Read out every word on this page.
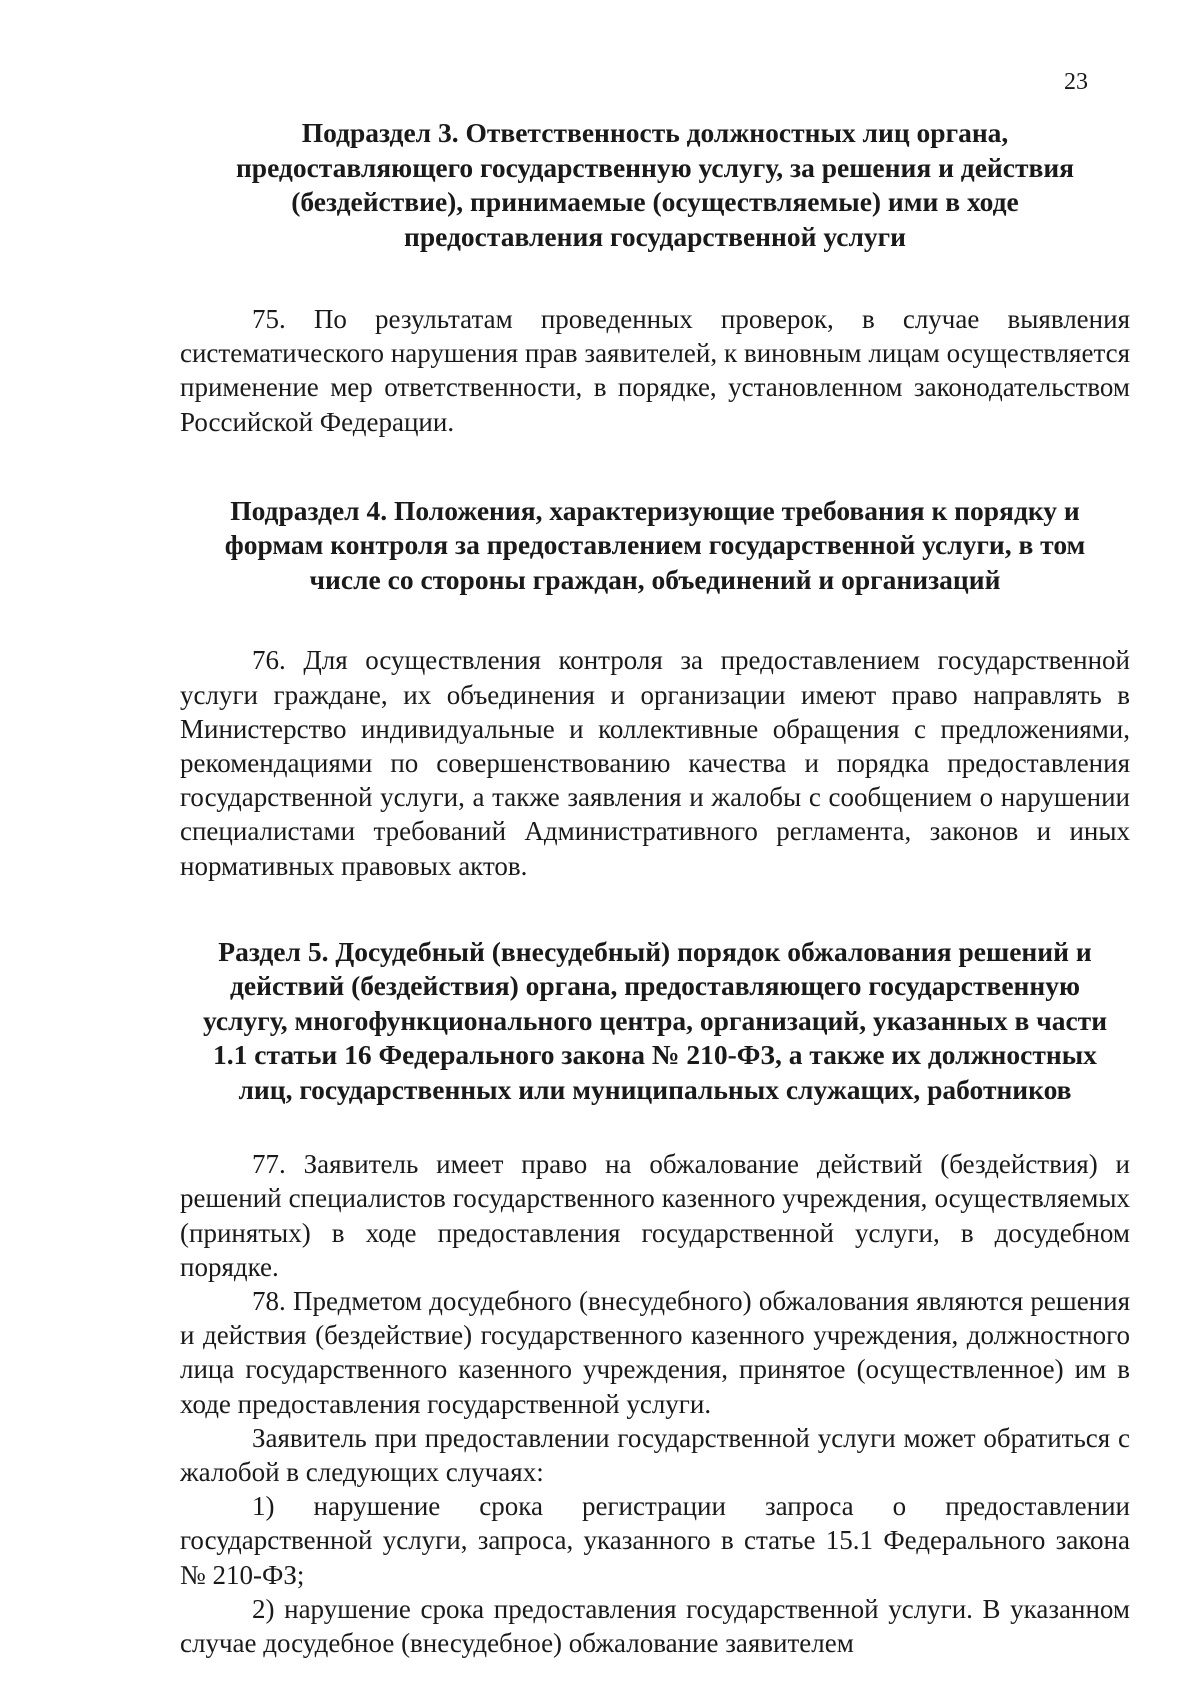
23
Подраздел 3. Ответственность должностных лиц органа,
предоставляющего государственную услугу, за решения и действия
(бездействие), принимаемые (осуществляемые) ими в ходе
предоставления государственной услуги

75. По результатам проведенных проверок, в случае выявления систематического нарушения прав заявителей, к виновным лицам осуществляется применение мер ответственности, в порядке, установленном законодательством Российской Федерации.

Подраздел 4. Положения, характеризующие требования к порядку и
формам контроля за предоставлением государственной услуги, в том
числе со стороны граждан, объединений и организаций

76. Для осуществления контроля за предоставлением государственной услуги граждане, их объединения и организации имеют право направлять в Министерство индивидуальные и коллективные обращения с предложениями, рекомендациями по совершенствованию качества и порядка предоставления государственной услуги, а также заявления и жалобы с сообщением о нарушении специалистами требований Административного регламента, законов и иных нормативных правовых актов.

Раздел 5. Досудебный (внесудебный) порядок обжалования решений и
действий (бездействия) органа, предоставляющего государственную
услугу, многофункционального центра, организаций, указанных в части
1.1 статьи 16 Федерального закона № 210-ФЗ, а также их должностных
лиц, государственных или муниципальных служащих, работников

77. Заявитель имеет право на обжалование действий (бездействия) и решений специалистов государственного казенного учреждения, осуществляемых (принятых) в ходе предоставления государственной услуги, в досудебном порядке.

78. Предметом досудебного (внесудебного) обжалования являются решения и действия (бездействие) государственного казенного учреждения, должностного лица государственного казенного учреждения, принятое (осуществленное) им в ходе предоставления государственной услуги.

Заявитель при предоставлении государственной услуги может обратиться с жалобой в следующих случаях:

1) нарушение срока регистрации запроса о предоставлении государственной услуги, запроса, указанного в статье 15.1 Федерального закона № 210-ФЗ;

2) нарушение срока предоставления государственной услуги. В указанном случае досудебное (внесудебное) обжалование заявителем
